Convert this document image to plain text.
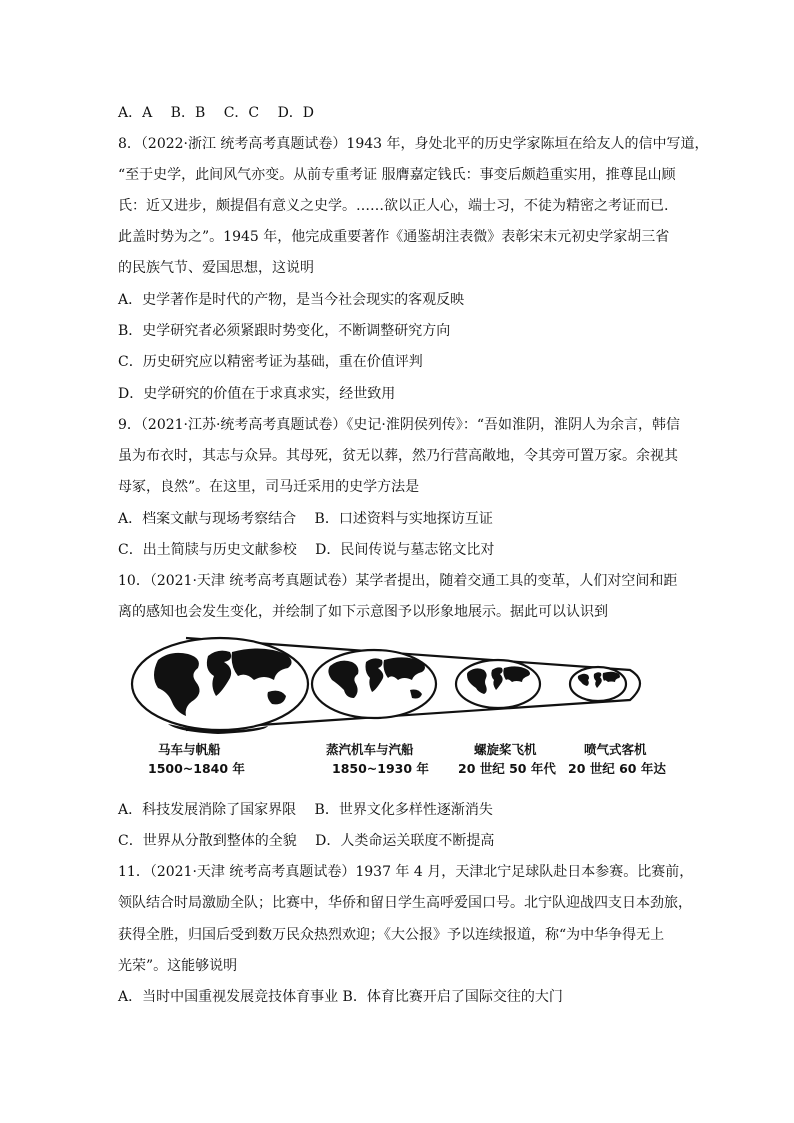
A．A　 B．B　 C．C　 D．D
8．（2022·浙江 统考高考真题试卷）1943 年，身处北平的历史学家陈垣在给友人的信中写道，
“至于史学，此间风气亦变。从前专重考证 服膺嘉定钱氏：事变后颇趋重实用，推尊昆山顾
氏：近又进步，颇提倡有意义之史学。……欲以正人心，端士习，不徒为精密之考证而已.
此盖时势为之”。1945 年，他完成重要著作《通鉴胡注表微》表彰宋末元初史学家胡三省
的民族气节、爱国思想，这说明
A．史学著作是时代的产物，是当今社会现实的客观反映
B．史学研究者必须紧跟时势变化，不断调整研究方向
C．历史研究应以精密考证为基础，重在价值评判
D．史学研究的价值在于求真求实，经世致用
9．（2021·江苏·统考高考真题试卷）《史记·淮阴侯列传》：“吾如淮阴，淮阴人为余言，韩信
虽为布衣时，其志与众异。其母死，贫无以葬，然乃行营高敞地，令其旁可置万家。余视其
母冢，良然”。在这里，司马迁采用的史学方法是
A．档案文献与现场考察结合　 B．口述资料与实地探访互证
C．出土简牍与历史文献参校　 D．民间传说与墓志铭文比对
10．（2021·天津 统考高考真题试卷）某学者提出，随着交通工具的变革，人们对空间和距
离的感知也会发生变化，并绘制了如下示意图予以形象地展示。据此可以认识到
马车与帆船
1500~1840 年
蒸汽机车与汽船
1850~1930 年
螺旋桨飞机
20 世纪 50 年代
喷气式客机
20 世纪 60 年达
A．科技发展消除了国家界限　 B．世界文化多样性逐渐消失
C．世界从分散到整体的全貌　 D．人类命运关联度不断提高
11．（2021·天津 统考高考真题试卷）1937 年 4 月，天津北宁足球队赴日本参赛。比赛前，
领队结合时局激励全队；比赛中，华侨和留日学生高呼爱国口号。北宁队迎战四支日本劲旅，
获得全胜，归国后受到数万民众热烈欢迎；《大公报》予以连续报道，称“为中华争得无上
光荣”。这能够说明
A．当时中国重视发展竞技体育事业 B．体育比赛开启了国际交往的大门
